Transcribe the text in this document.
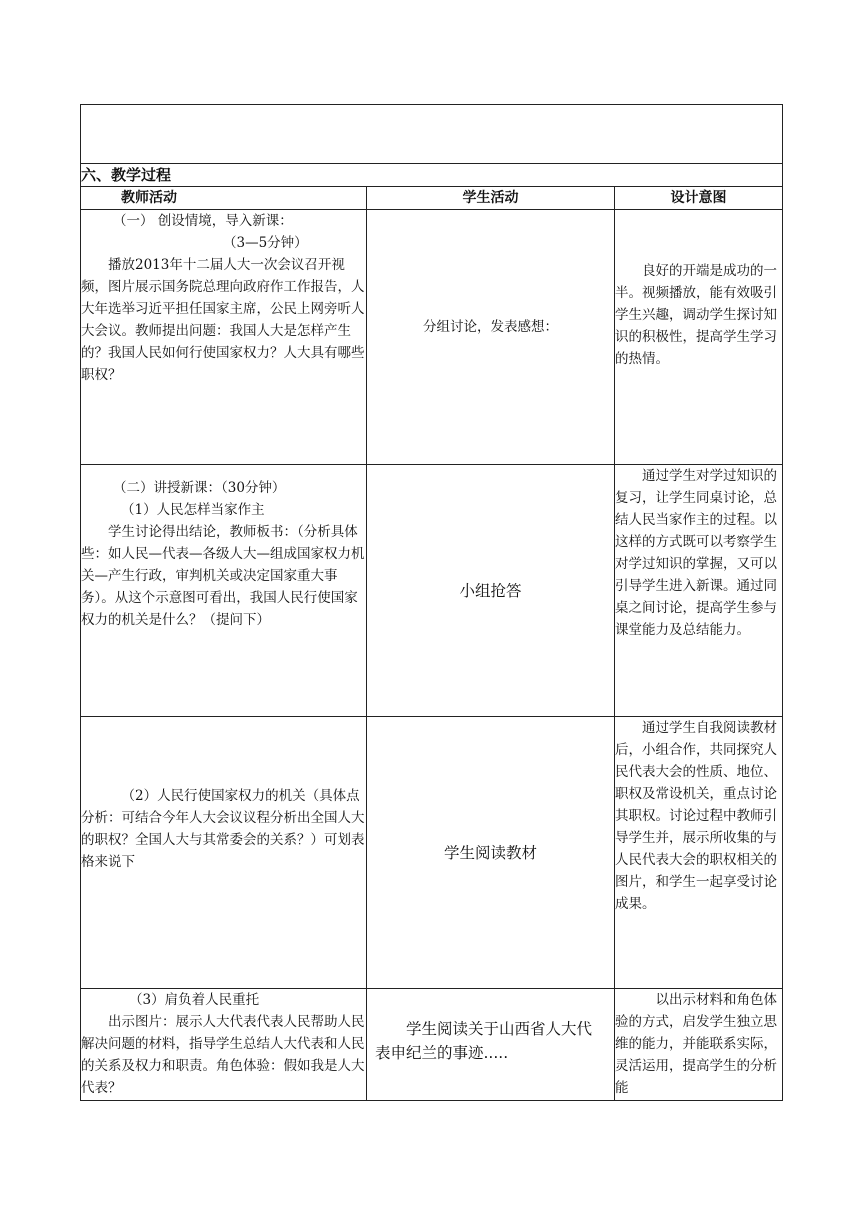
六、教学过程		
教师活动	学生活动	设计意图

（一） 创设情境，导入新课：

（3—5分钟）

播放2013年十二届人大一次会议召开视频，图片展示国务院总理向政府作工作报告，人大年选举习近平担任国家主席，公民上网旁听人大会议。教师提出问题：我国人大是怎样产生的？我国人民如何行使国家权力？人大具有哪些职权？	分组讨论，发表感想：	良好的开端是成功的一半。视频播放，能有效吸引学生兴趣，调动学生探讨知识的积极性，提高学生学习的热情。

（二）讲授新课：（30分钟）

（1）人民怎样当家作主

学生讨论得出结论，教师板书：（分析具体些：如人民—代表—各级人大—组成国家权力机关—产生行政，审判机关或决定国家重大事务）。从这个示意图可看出，我国人民行使国家权力的机关是什么？（提问下）	小组抢答	通过学生对学过知识的复习，让学生同桌讨论，总结人民当家作主的过程。以这样的方式既可以考察学生对学过知识的掌握，又可以引导学生进入新课。通过同桌之间讨论，提高学生参与课堂能力及总结能力。

（2）人民行使国家权力的机关（具体点分析：可结合今年人大会议议程分析出全国人大的职权？全国人大与其常委会的关系？）可划表格来说下	学生阅读教材	通过学生自我阅读教材后，小组合作，共同探究人民代表大会的性质、地位、职权及常设机关，重点讨论其职权。讨论过程中教师引导学生并，展示所收集的与人民代表大会的职权相关的图片，和学生一起享受讨论成果。

（3）肩负着人民重托

出示图片：展示人大代表代表人民帮助人民解决问题的材料，指导学生总结人大代表和人民的关系及权力和职责。角色体验：假如我是人大代表？	学生阅读关于山西省人大代表申纪兰的事迹.....	以出示材料和角色体验的方式，启发学生独立思维的能力，并能联系实际，灵活运用，提高学生的分析能
